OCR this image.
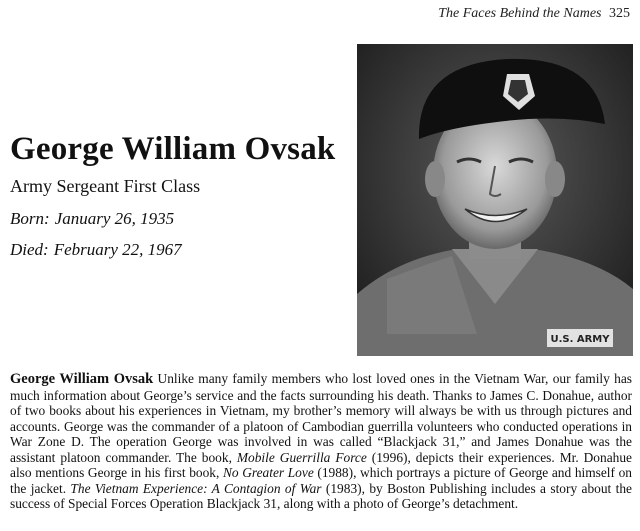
The Faces Behind the Names 325
U.S. ARMY
George William Ovsak
Army Sergeant First Class
Born: January 26, 1935
Died: February 22, 1967

George William Ovsak Unlike many family members who lost loved ones in the Vietnam War, our family has much information about George’s service and the facts surrounding his death. Thanks to James C. Donahue, author of two books about his experiences in Vietnam, my brother’s memory will always be with us through pictures and accounts. George was the commander of a platoon of Cambodian guerrilla volunteers who conducted operations in War Zone D. The operation George was involved in was called “Blackjack 31,” and James Donahue was the assistant platoon commander. The book, Mobile Guerrilla Force (1996), depicts their experiences. Mr. Donahue also mentions George in his first book, No Greater Love (1988), which portrays a picture of George and himself on the jacket. The Vietnam Experience: A Contagion of War (1983), by Boston Publishing includes a story about the success of Special Forces Operation Blackjack 31, along with a photo of George’s detachment.
